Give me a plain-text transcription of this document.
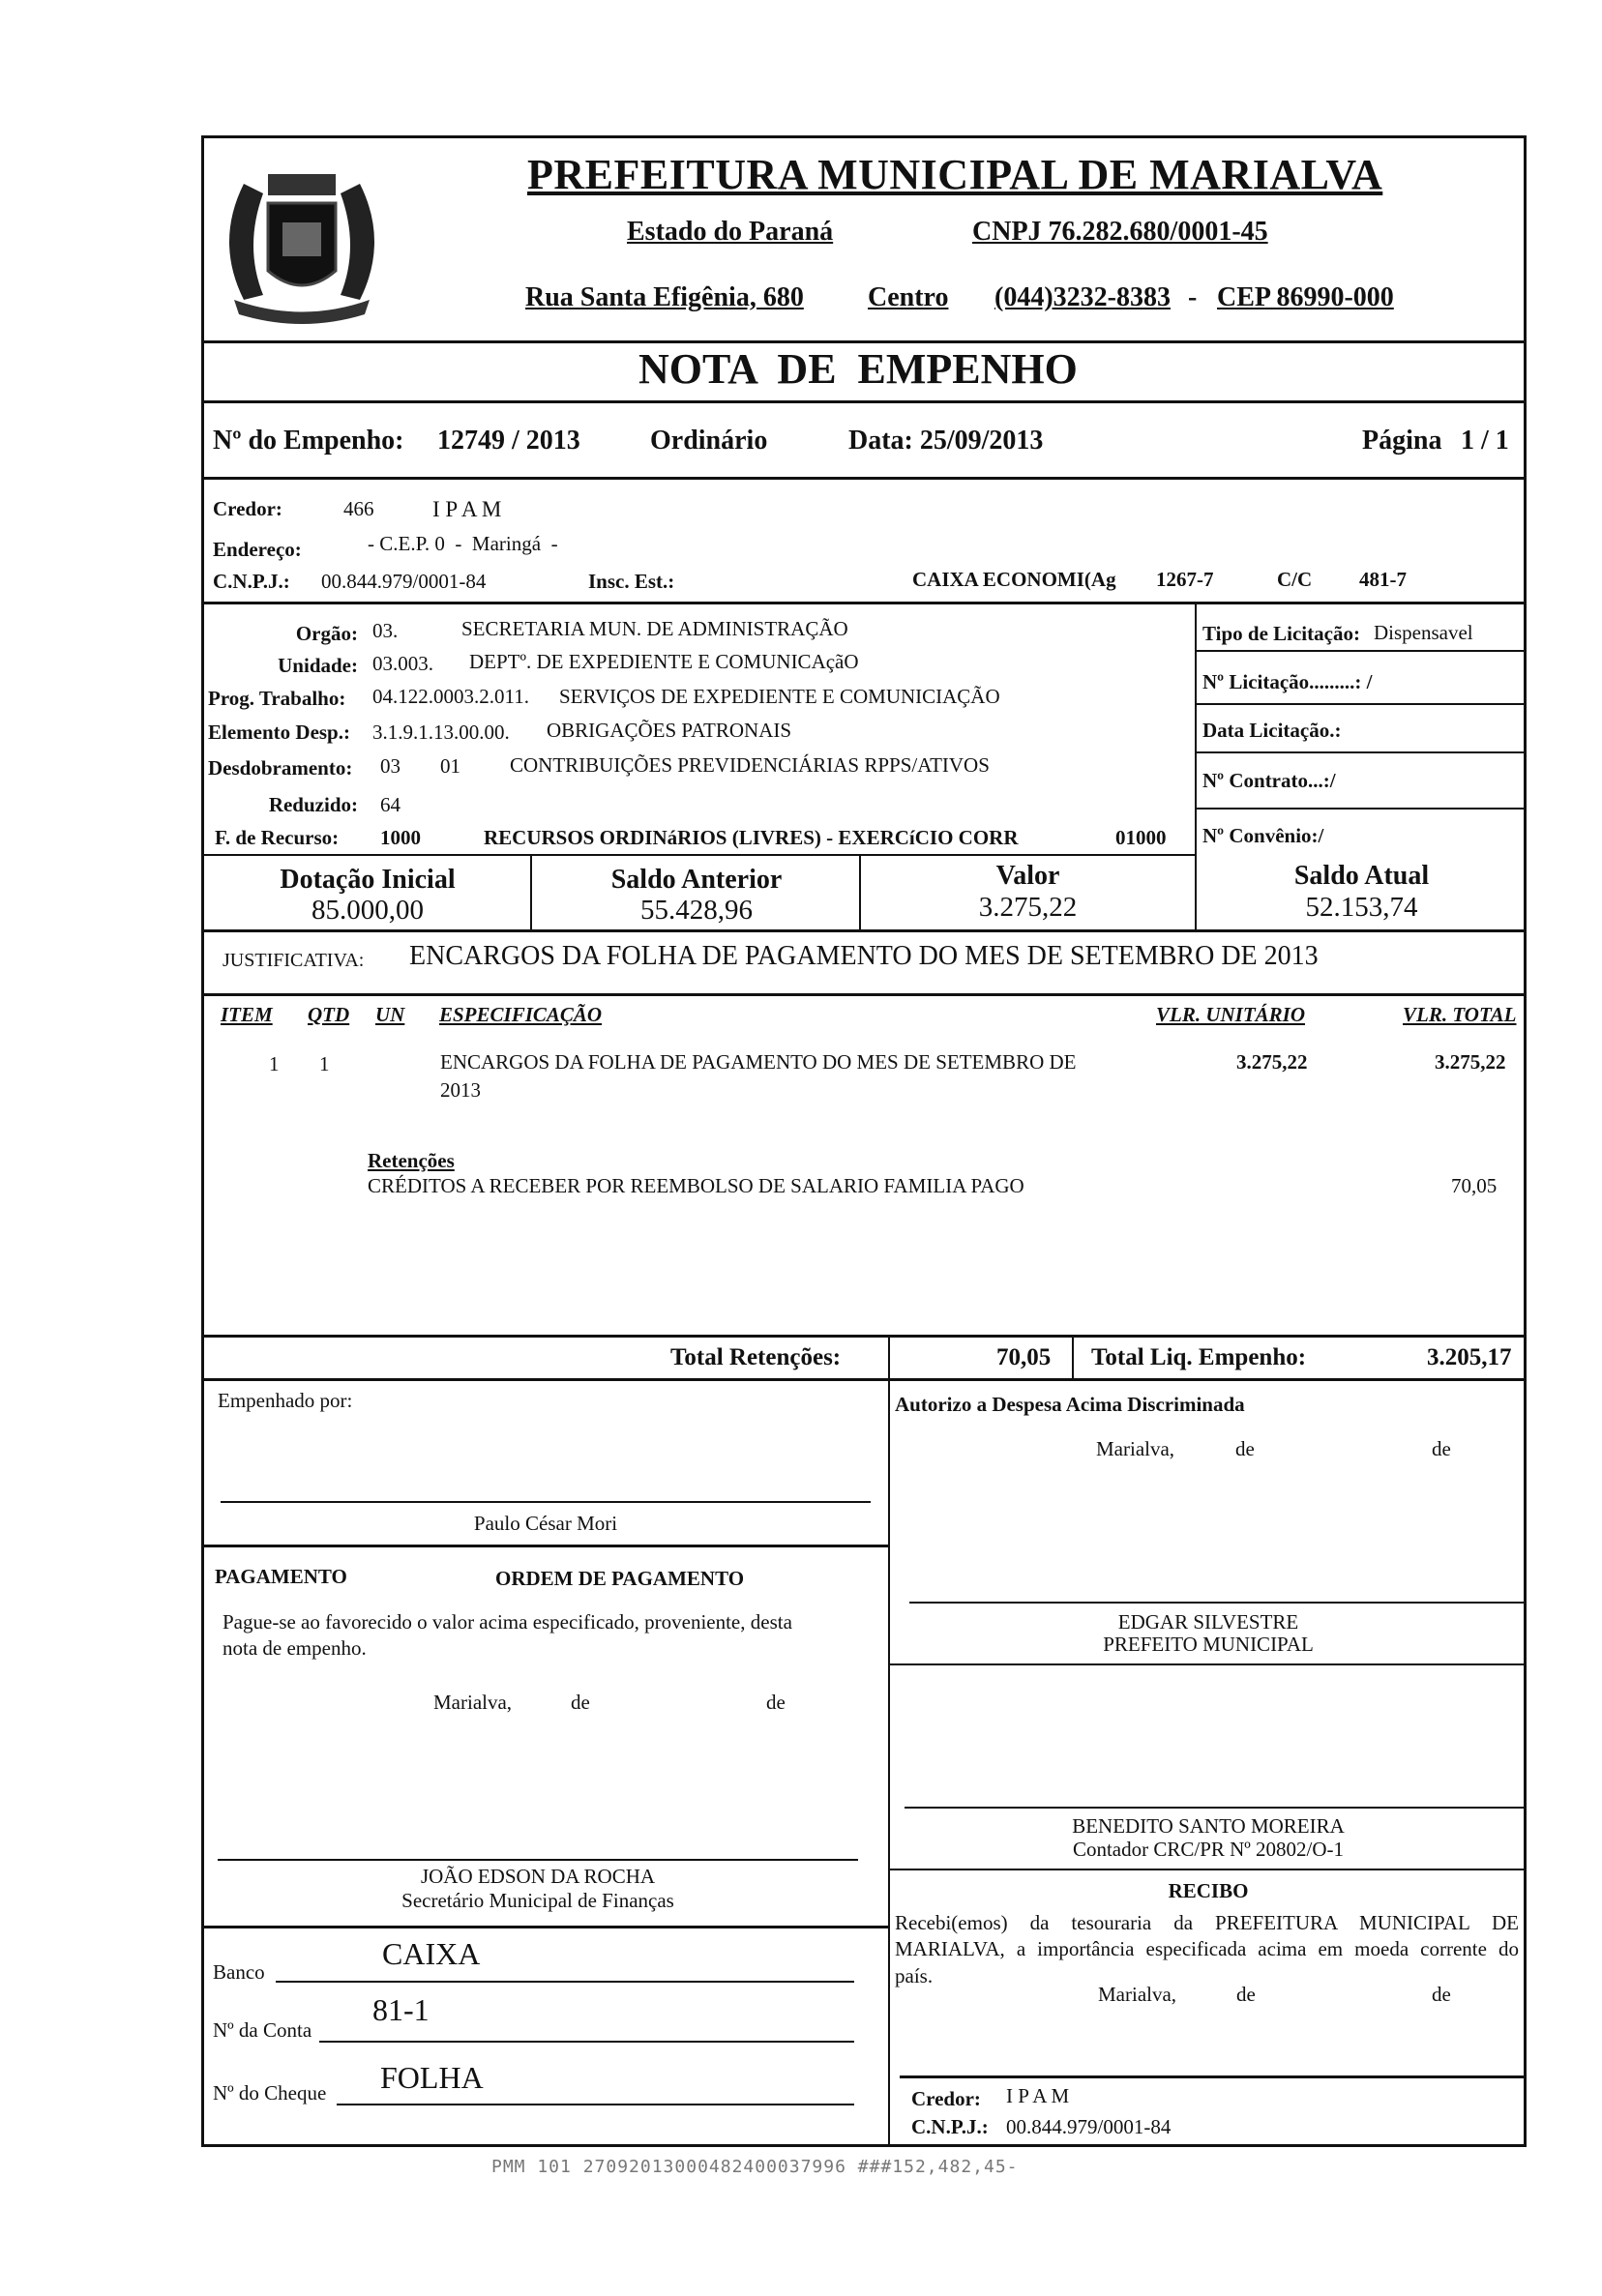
PREFEITURA MUNICIPAL DE MARIALVA
Estado do Paraná	CNPJ 76.282.680/0001-45
Rua Santa Efigênia, 680 Centro (044)3232-8383 - CEP 86990-000
NOTA  DE  EMPENHO
Nº do Empenho: 12749 / 2013	Ordinário	Data: 25/09/2013	Página 1 / 1
Credor:	466	I P A M
Endereço:	- C.E.P. 0  -  Maringá  -
C.N.P.J.: 00.844.979/0001-84	Insc. Est.:	CAIXA ECONOMI(Ag 1267-7	C/C 481-7
Orgão: 03.	SECRETARIA MUN. DE ADMINISTRAÇÃO
Unidade: 03.003. DEPTº. DE EXPEDIENTE E COMUNICAçãO
Prog. Trabalho: 04.122.0003.2.011. SERVIÇOS DE EXPEDIENTE E COMUNICIAÇÃO
Elemento Desp.: 3.1.9.1.13.00.00. OBRIGAÇÕES PATRONAIS
Desdobramento: 03 01 CONTRIBUIÇÕES PREVIDENCIÁRIAS RPPS/ATIVOS
Reduzido: 64
F. de Recurso: 1000	RECURSOS ORDINáRIOS (LIVRES) - EXERCíCIO CORR	01000
Tipo de Licitação: Dispensavel
Nº Licitação.........: /
Data Licitação.:
Nº Contrato...:/
Nº Convênio:/
Dotação Inicial
85.000,00
Saldo Anterior
55.428,96
Valor
3.275,22
Saldo Atual
52.153,74
JUSTIFICATIVA: ENCARGOS DA FOLHA DE PAGAMENTO DO MES DE SETEMBRO DE 2013
ITEM QTD UN ESPECIFICAÇÃO	VLR. UNITÁRIO	VLR. TOTAL
1 1	ENCARGOS DA FOLHA DE PAGAMENTO DO MES DE SETEMBRO DE
2013
3.275,22	3.275,22
Retenções
CRÉDITOS A RECEBER POR REEMBOLSO DE SALARIO FAMILIA PAGO	70,05
Total Retenções:	70,05 Total Liq. Empenho:	3.205,17
Empenhado por:
Paulo César Mori
Autorizo a Despesa Acima Discriminada
Marialva,	de	de
EDGAR SILVESTRE
PREFEITO MUNICIPAL
PAGAMENTO	ORDEM DE PAGAMENTO
Pague-se ao favorecido o valor acima especificado, proveniente, desta
nota de empenho.
Marialva,	de	de
BENEDITO SANTO MOREIRA
Contador CRC/PR Nº 20802/O-1
JOÃO EDSON DA ROCHA
Secretário Municipal de Finanças	RECIBO
Recebi(emos) da tesouraria da PREFEITURA MUNICIPAL DE
MARIALVA, a importância especificada acima em moeda corrente do
país.
Marialva,	de	de
Banco
CAIXA
Nº da Conta
81-1
Nº do Cheque FOLHA
Credor: I P A M
C.N.P.J.: 00.844.979/0001-84
PMM 101 27092013000482400037996 ###152,482,45-
